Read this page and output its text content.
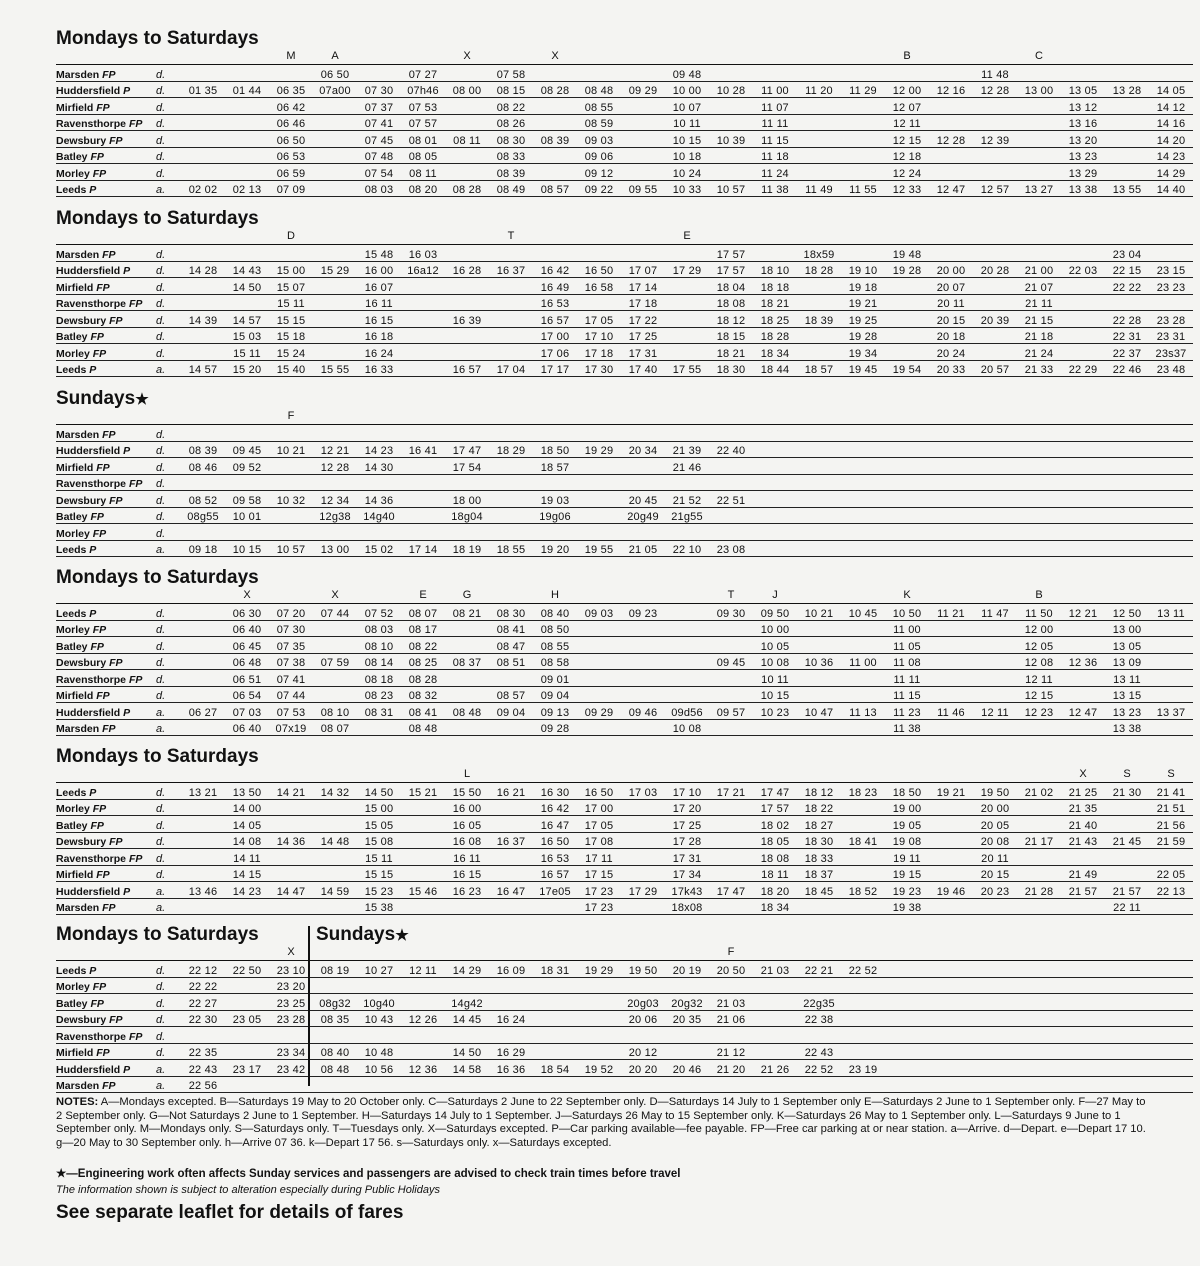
Mondays to Saturdays
M	A	X	X	B	C
Marsden FP	d.				06 50		07 27		07 58				09 48							11 48				
Huddersfield P	d.	01 35	01 44	06 35	07a00	07 30	07h46	08 00	08 15	08 28	08 48	09 29	10 00	10 28	11 00	11 20	11 29	12 00	12 16	12 28	13 00	13 05	13 28	14 05
Mirfield FP	d.			06 42		07 37	07 53		08 22		08 55		10 07		11 07			12 07				13 12		14 12
Ravensthorpe FP	d.			06 46		07 41	07 57		08 26		08 59		10 11		11 11			12 11				13 16		14 16
Dewsbury FP	d.			06 50		07 45	08 01	08 11	08 30	08 39	09 03		10 15	10 39	11 15			12 15	12 28	12 39		13 20		14 20
Batley FP	d.			06 53		07 48	08 05		08 33		09 06		10 18		11 18			12 18				13 23		14 23
Morley FP	d.			06 59		07 54	08 11		08 39		09 12		10 24		11 24			12 24				13 29		14 29
Leeds P	a.	02 02	02 13	07 09		08 03	08 20	08 28	08 49	08 57	09 22	09 55	10 33	10 57	11 38	11 49	11 55	12 33	12 47	12 57	13 27	13 38	13 55	14 40
Mondays to Saturdays
D	T	E
Marsden FP	d.					15 48	16 03							17 57		18x59		19 48					23 04	
Huddersfield P	d.	14 28	14 43	15 00	15 29	16 00	16a12	16 28	16 37	16 42	16 50	17 07	17 29	17 57	18 10	18 28	19 10	19 28	20 00	20 28	21 00	22 03	22 15	23 15
Mirfield FP	d.		14 50	15 07		16 07				16 49	16 58	17 14		18 04	18 18		19 18		20 07		21 07		22 22	23 23
Ravensthorpe FP	d.			15 11		16 11				16 53		17 18		18 08	18 21		19 21		20 11		21 11			
Dewsbury FP	d.	14 39	14 57	15 15		16 15		16 39		16 57	17 05	17 22		18 12	18 25	18 39	19 25		20 15	20 39	21 15		22 28	23 28
Batley FP	d.		15 03	15 18		16 18				17 00	17 10	17 25		18 15	18 28		19 28		20 18		21 18		22 31	23 31
Morley FP	d.		15 11	15 24		16 24				17 06	17 18	17 31		18 21	18 34		19 34		20 24		21 24		22 37	23s37
Leeds P	a.	14 57	15 20	15 40	15 55	16 33		16 57	17 04	17 17	17 30	17 40	17 55	18 30	18 44	18 57	19 45	19 54	20 33	20 57	21 33	22 29	22 46	23 48
Sundays★
F
Marsden FP	d.																							
Huddersfield P	d.	08 39	09 45	10 21	12 21	14 23	16 41	17 47	18 29	18 50	19 29	20 34	21 39	22 40										
Mirfield FP	d.	08 46	09 52		12 28	14 30		17 54		18 57			21 46											
Ravensthorpe FP	d.																							
Dewsbury FP	d.	08 52	09 58	10 32	12 34	14 36		18 00		19 03		20 45	21 52	22 51										
Batley FP	d.	08g55	10 01		12g38	14g40		18g04		19g06		20g49	21g55											
Morley FP	d.																							
Leeds P	a.	09 18	10 15	10 57	13 00	15 02	17 14	18 19	18 55	19 20	19 55	21 05	22 10	23 08										
Mondays to Saturdays
X	X	E	G	H	T	J	K	B
Leeds P	d.		06 30	07 20	07 44	07 52	08 07	08 21	08 30	08 40	09 03	09 23		09 30	09 50	10 21	10 45	10 50	11 21	11 47	11 50	12 21	12 50	13 11
Morley FP	d.		06 40	07 30		08 03	08 17		08 41	08 50					10 00			11 00			12 00		13 00	
Batley FP	d.		06 45	07 35		08 10	08 22		08 47	08 55					10 05			11 05			12 05		13 05	
Dewsbury FP	d.		06 48	07 38	07 59	08 14	08 25	08 37	08 51	08 58				09 45	10 08	10 36	11 00	11 08			12 08	12 36	13 09	
Ravensthorpe FP	d.		06 51	07 41		08 18	08 28			09 01					10 11			11 11			12 11		13 11	
Mirfield FP	d.		06 54	07 44		08 23	08 32		08 57	09 04					10 15			11 15			12 15		13 15	
Huddersfield P	a.	06 27	07 03	07 53	08 10	08 31	08 41	08 48	09 04	09 13	09 29	09 46	09d56	09 57	10 23	10 47	11 13	11 23	11 46	12 11	12 23	12 47	13 23	13 37
Marsden FP	a.		06 40	07x19	08 07		08 48			09 28			10 08					11 38					13 38	
Mondays to Saturdays
L	X	S	S
Leeds P	d.	13 21	13 50	14 21	14 32	14 50	15 21	15 50	16 21	16 30	16 50	17 03	17 10	17 21	17 47	18 12	18 23	18 50	19 21	19 50	21 02	21 25	21 30	21 41
Morley FP	d.		14 00			15 00		16 00		16 42	17 00		17 20		17 57	18 22		19 00		20 00		21 35		21 51
Batley FP	d.		14 05			15 05		16 05		16 47	17 05		17 25		18 02	18 27		19 05		20 05		21 40		21 56
Dewsbury FP	d.		14 08	14 36	14 48	15 08		16 08	16 37	16 50	17 08		17 28		18 05	18 30	18 41	19 08		20 08	21 17	21 43	21 45	21 59
Ravensthorpe FP	d.		14 11			15 11		16 11		16 53	17 11		17 31		18 08	18 33		19 11		20 11				
Mirfield FP	d.		14 15			15 15		16 15		16 57	17 15		17 34		18 11	18 37		19 15		20 15		21 49		22 05
Huddersfield P	a.	13 46	14 23	14 47	14 59	15 23	15 46	16 23	16 47	17e05	17 23	17 29	17k43	17 47	18 20	18 45	18 52	19 23	19 46	20 23	21 28	21 57	21 57	22 13
Marsden FP	a.					15 38					17 23		18x08		18 34			19 38					22 11	
Mondays to Saturdays	Sundays★
X	F
Leeds P	d.	22 12	22 50	23 10	08 19	10 27	12 11	14 29	16 09	18 31	19 29	19 50	20 19	20 50	21 03	22 21	22 52							
Morley FP	d.	22 22		23 20																				
Batley FP	d.	22 27		23 25	08g32	10g40		14g42				20g03	20g32	21 03		22g35								
Dewsbury FP	d.	22 30	23 05	23 28	08 35	10 43	12 26	14 45	16 24			20 06	20 35	21 06		22 38								
Ravensthorpe FP	d.																							
Mirfield FP	d.	22 35		23 34	08 40	10 48		14 50	16 29			20 12		21 12		22 43								
Huddersfield P	a.	22 43	23 17	23 42	08 48	10 56	12 36	14 58	16 36	18 54	19 52	20 20	20 46	21 20	21 26	22 52	23 19							
Marsden FP	a.	22 56																						
NOTES: A—Mondays excepted. B—Saturdays 19 May to 20 October only. C—Saturdays 2 June to 22 September only. D—Saturdays 14 July to 1 September only E—Saturdays 2 June to 1 September only. F—27 May to 2 September only. G—Not Saturdays 2 June to 1 September. H—Saturdays 14 July to 1 September. J—Saturdays 26 May to 15 September only. K—Saturdays 26 May to 1 September only. L—Saturdays 9 June to 1 September only. M—Mondays only. S—Saturdays only. T—Tuesdays only. X—Saturdays excepted. P—Car parking available—fee payable. FP—Free car parking at or near station. a—Arrive. d—Depart. e—Depart 17 10. g—20 May to 30 September only. h—Arrive 07 36. k—Depart 17 56. s—Saturdays only. x—Saturdays excepted.
★—Engineering work often affects Sunday services and passengers are advised to check train times before travel
The information shown is subject to alteration especially during Public Holidays
See separate leaflet for details of fares
